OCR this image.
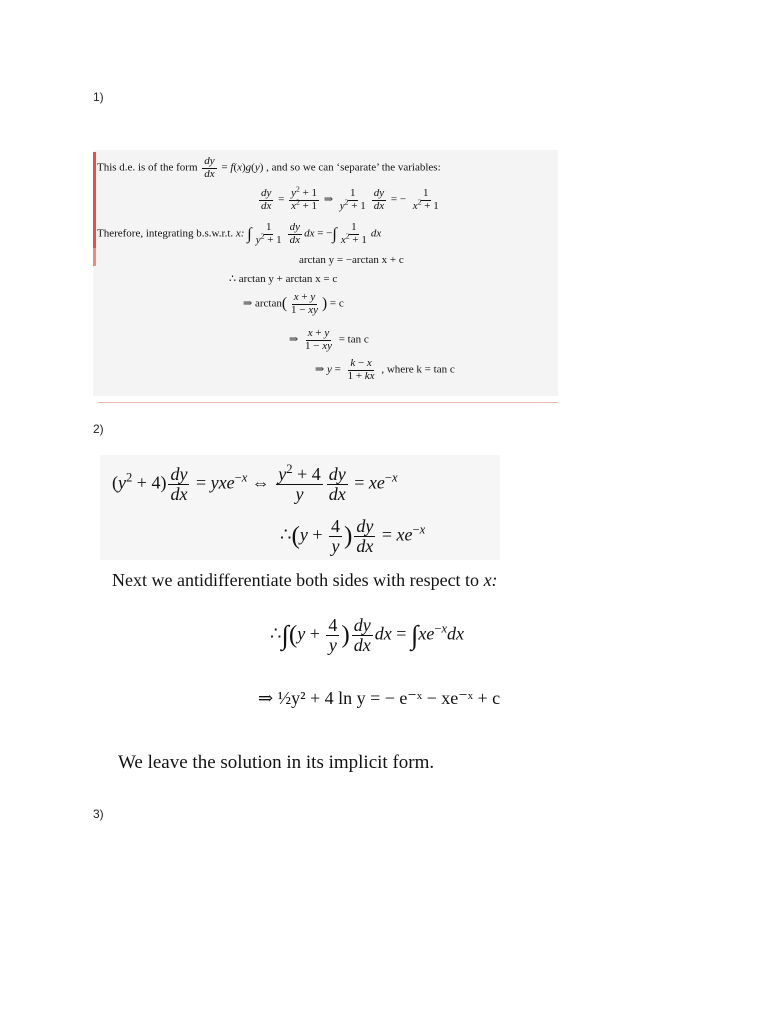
1)
This d.e. is of the form $\frac{dy}{dx} = f(x)g(y)$ , and so we can ‘separate’ the variables:
$\frac{dy}{dx} = \frac{y^2 + 1}{x^2 + 1}$ ⇒ $\frac{1}{y^2 + 1} \frac{dy}{dx}$ = − $\frac{1}{x^2 + 1}$
Therefore, integrating b.s.w.r.t. x: ∫ $\frac{1}{y^2 + 1} \frac{dy}{dx}$ dx = −∫ $\frac{1}{x^2 + 1}$ dx
arctan y = −arctan x + c
∴ arctan y + arctan x = c
⇒ $\arctan( \frac{x + y}{1 - xy}$ ) = c
⇒ $\frac{x + y}{1 - xy} = \tan c$
⇒ $y = \frac{k - x}{1 + kx}$ , where k = tan c
2)
$(y^2 + 4) \frac{dy}{dx} = yxe^{-x}$ ⇔ $\frac{y^2 + 4}{y} \frac{dy}{dx} = xe^{-x}$
∴(y + $\frac{4}{y}$ ) $\frac{dy}{dx} = xe^{-x}$
Next we antidifferentiate both sides with respect to x:
∴∫(y + $\frac{4}{y}$ ) $\frac{dy}{dx}$ dx = $\int xe^{-x}dx$
⇒ ½y² + 4 ln y = − e⁻ˣ − xe⁻ˣ + c
We leave the solution in its implicit form.
3)
